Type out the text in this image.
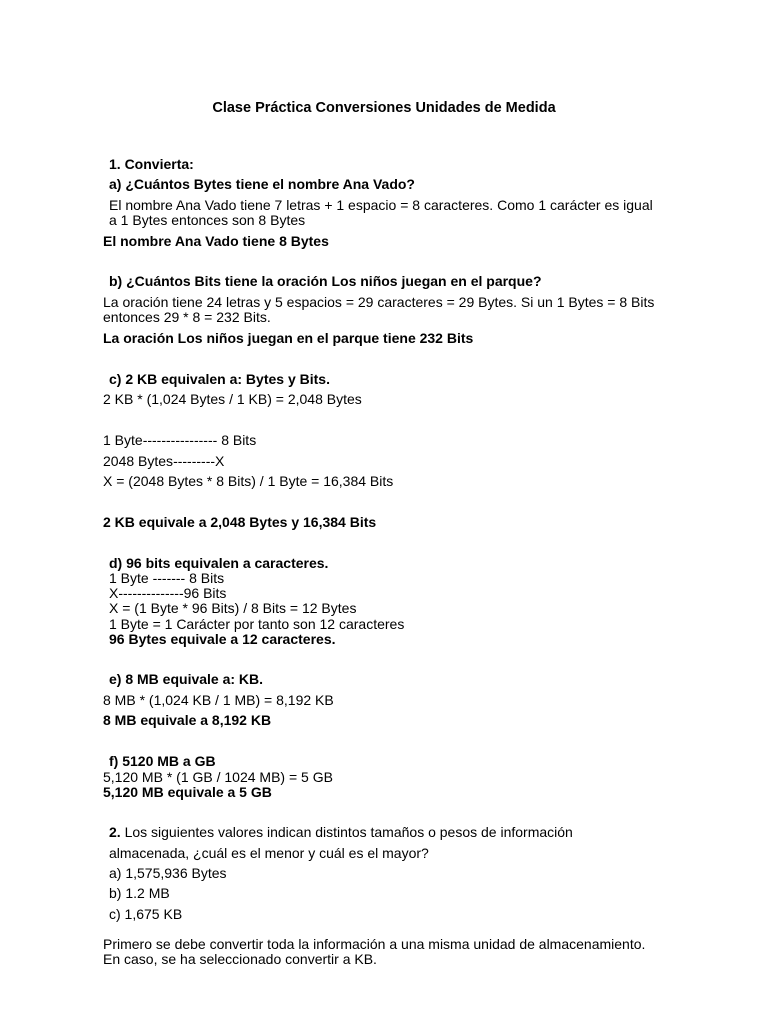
Clase Práctica Conversiones Unidades de Medida

1. Convierta:

a) ¿Cuántos Bytes tiene el nombre Ana Vado?

El nombre Ana Vado tiene 7 letras + 1 espacio = 8 caracteres. Como 1 carácter es igual

a 1 Bytes entonces son 8 Bytes

El nombre Ana Vado tiene 8 Bytes

b) ¿Cuántos Bits tiene la oración Los niños juegan en el parque?

La oración tiene 24 letras y 5 espacios = 29 caracteres = 29 Bytes. Si un 1 Bytes = 8 Bits

entonces 29 * 8 = 232 Bits.

La oración Los niños juegan en el parque tiene 232 Bits

c) 2 KB equivalen a: Bytes y Bits.

2 KB * (1,024 Bytes / 1 KB) = 2,048 Bytes

1 Byte---------------- 8 Bits

2048 Bytes---------X

X = (2048 Bytes * 8 Bits) / 1 Byte = 16,384 Bits

2 KB equivale a 2,048 Bytes y 16,384 Bits

d) 96 bits equivalen a caracteres.

1 Byte ------- 8 Bits

X--------------96 Bits

X = (1 Byte * 96 Bits) / 8 Bits = 12 Bytes

1 Byte = 1 Carácter por tanto son 12 caracteres

96 Bytes equivale a 12 caracteres.

e) 8 MB equivale a: KB.

8 MB * (1,024 KB / 1 MB) = 8,192 KB

8 MB equivale a 8,192 KB

f) 5120 MB a GB

5,120 MB * (1 GB / 1024 MB) = 5 GB

5,120 MB equivale a 5 GB

2. Los siguientes valores indican distintos tamaños o pesos de información

almacenada, ¿cuál es el menor y cuál es el mayor?

a) 1,575,936 Bytes

b) 1.2 MB

c) 1,675 KB

Primero se debe convertir toda la información a una misma unidad de almacenamiento.

En caso, se ha seleccionado convertir a KB.
